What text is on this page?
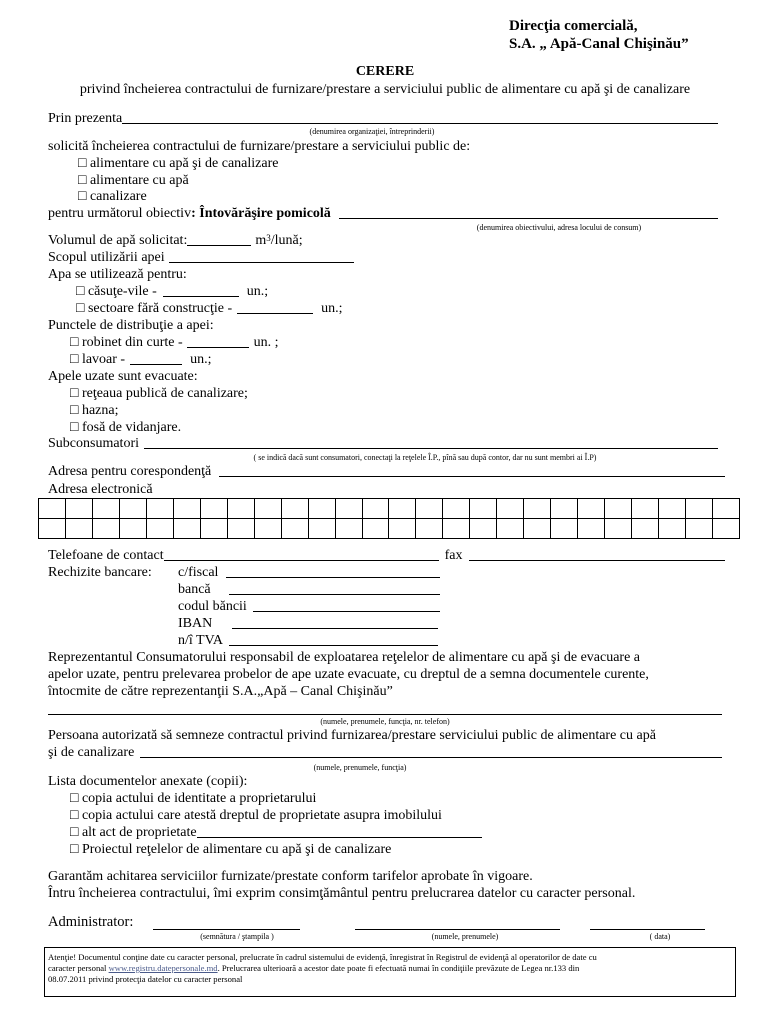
Direcţia comercială,
S.A. „ Apă-Canal Chişinău”
CERERE
privind încheierea contractului de furnizare/prestare a serviciului public de alimentare cu apă şi de canalizare
Prin prezenta
(denumirea organizaţiei, întreprinderii)
solicită încheierea contractului de furnizare/prestare a serviciului public de:
□ alimentare cu apă şi de canalizare
□ alimentare cu apă
□ canalizare
pentru următorul obiectiv : Întovărăşire pomicolă
(denumirea obiectivului, adresa locului de consum)
Volumul de apă solicitat:	m 3 /lună;
Scopul utilizării apei
Apa se utilizează pentru:
□ căsuţe-vile -	un.;
□ sectoare fără construcţie -	un.;
Punctele de distribuţie a apei:
□ robinet din curte -	un. ;
□ lavoar -	un.;
Apele uzate sunt evacuate:
□ reţeaua publică de canalizare;
□ hazna;
□ fosă de vidanjare.
Subconsumatori
( se indică dacă sunt consumatori, conectaţi la reţelele Î.P., pînă sau după contor, dar nu sunt membri ai Î.P)
Adresa pentru corespondenţă
Adresa electronică
Telefoane de contact	fax
Rechizite bancare: c/fiscal
bancă
codul băncii
IBAN
n/î TVA
Reprezentantul Consumatorului responsabil de exploatarea reţelelor de alimentare cu apă şi de evacuare a
apelor uzate, pentru prelevarea probelor de ape uzate evacuate, cu dreptul de a semna documentele curente,
întocmite de către reprezentanţii S.A.„Apă – Canal Chişinău”
(numele, prenumele, funcţia, nr. telefon)
Persoana autorizată să semneze contractul privind furnizarea/prestare serviciului public de alimentare cu apă
şi de canalizare
(numele, prenumele, funcţia)
Lista documentelor anexate (copii):
□ copia actului de identitate a proprietarului
□ copia actului care atestă dreptul de proprietate asupra imobilului
□ alt act de proprietate
□ Proiectul reţelelor de alimentare cu apă şi de canalizare
Garantăm achitarea serviciilor furnizate/prestate conform tarifelor aprobate în vigoare.
Întru încheierea contractului, îmi exprim consimţământul pentru prelucrarea datelor cu caracter personal.
Administrator:
(semnătura / ştampila )	(numele, prenumele)	( data)
Atenţie! Documentul conţine date cu caracter personal, prelucrate în cadrul sistemului de evidenţă, înregistrat în Registrul de evidenţă al operatorilor de date cu
caracter personal www.registru.datepersonale.md. Prelucrarea ulterioară a acestor date poate fi efectuată numai în condiţiile prevăzute de Legea nr.133 din
08.07.2011 privind protecţia datelor cu caracter personal
